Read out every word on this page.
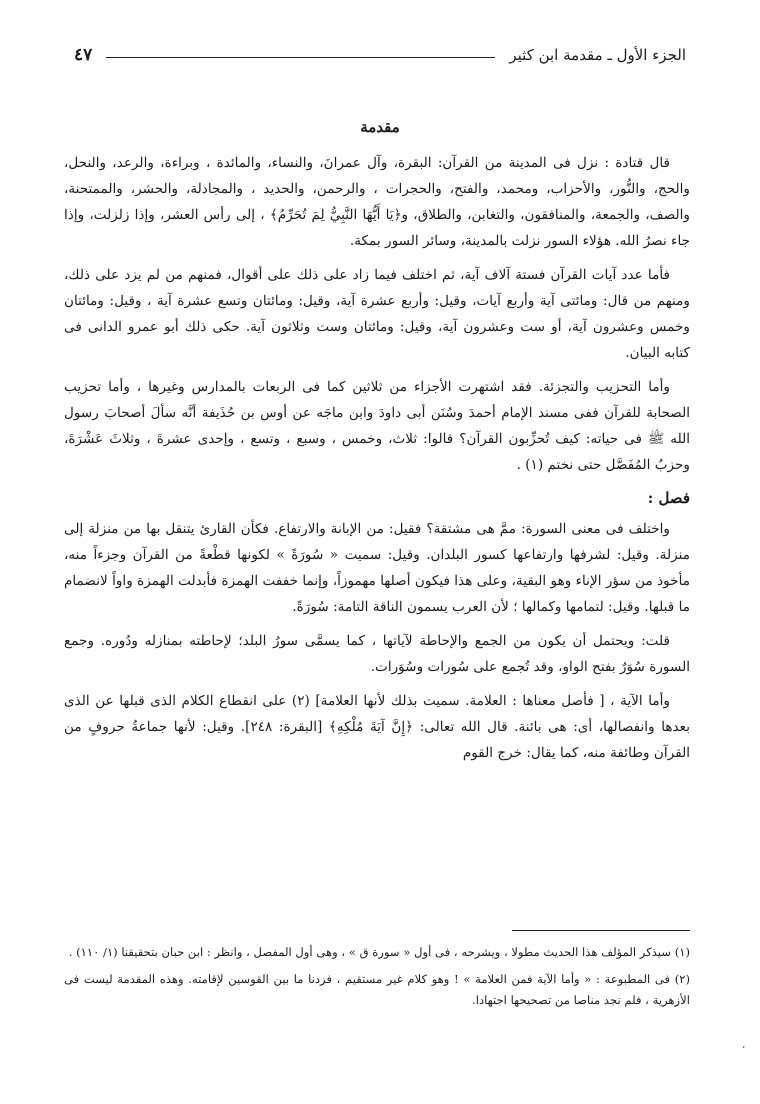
الجزء الأول ـ مقدمة ابن كثير
٤٧
مقدمة

قال قتادة : نزل فى المدينة من القرآن: البقرة، وآل عمرانَ، والنساء، والمائدة ، وبراءة، والرعد، والنحل، والحج، والنُّور، والأحزاب، ومحمد، والفتح، والحجرات ، والرحمن، والحديد ، والمجادلة، والحشر، والممتحنة، والصف، والجمعة، والمنافقون، والتغابن، والطلاق، و﴿يَا أَيُّهَا النَّبِيُّ لِمَ تُحَرِّمُ﴾ ، إلى رأس العشر، وإذا زلزلت، وإذا جاء نصرُ الله. هؤلاء السور نزلت بالمدينة، وسائر السور بمكة.

فأما عدد آيات القرآن فستة آلاف آية، ثم اختلف فيما زاد على ذلك على أقوال، فمنهم من لم يزد على ذلك، ومنهم من قال: ومائتى آية وأربع آيات، وقيل: وأربع عشرة آية، وقيل: ومائتان وتسع عشرة آية ، وقيل: ومائتان وخمس وعشرون آية، أو ست وعشرون آية، وقيل: ومائتان وست وثلاثون آية. حكى ذلك أبو عمرو الدانى فى كتابه البيان.

وأما التحزيب والتجزئة. فقد اشتهرت الأجزاء من ثلاثين كما فى الربعات بالمدارس وغيرها ، وأما تحزيب الصحابة للقرآن ففى مسند الإمام أحمدَ وسُنَن أبى داودَ وابن ماجَه عن أوس بن حُذَيفة أنَّه سألَ أصحابَ رسول الله ﷺ فى حياته: كيف تُحزِّبون القرآن؟ قالوا: ثلاث، وخمس ، وسبع ، وتسع ، وإحدى عشرةَ ، وثلاثَ عَشْرَةَ، وحزبُ المُفَصَّل حتى نختم (١) .

فصل :

واختلف فى معنى السورة: ممَّ هى مشتقة؟ فقيل: من الإبانة والارتفاع. فكأن القارئ يتنقل بها من منزلة إلى منزلة. وقيل: لشرفها وارتفاعها كسور البلدان. وقيل: سميت « سُورَةً » لكونها قطْعةً من القرآن وجزءاً منه، مأخوذ من سؤر الإناء وهو البقية، وعلى هذا فيكون أصلها مهموزاً، وإنما خففت الهمزة فأبدلت الهمزة واواً لانضمام ما قبلها. وقيل: لتمامها وكمالها ؛ لأن العرب يسمون الناقة التامة: سُورَةً.

قلت: ويحتمل أن يكون من الجمع والإحاطة لآياتها ، كما يسمَّى سورُ البلد؛ لإحاطته بمنازله ودُوره. وجمع السورة سُوَرٌ بفتح الواو، وقد تُجمع على سُورات وسُوَرات.

وأما الآية ، [ فأصل معناها : العلامة. سميت بذلك لأنها العلامة] (٢) على انقطاع الكلام الذى قبلها عن الذى بعدها وانفصالها، أى: هى بائنة. قال الله تعالى: ﴿إِنَّ آيَةَ مُلْكِهِ﴾ [البقرة: ٢٤٨]. وقيل: لأنها جماعةُ حروفٍ من القرآن وطائفة منه، كما يقال: خرج القوم

(١) سيذكر المؤلف هذا الحديث مطولا ، ويشرحه ، فى أول « سورة ق » ، وهى أول المفصل ، وانظر : ابن حبان بتحقيقنا (١/ ١١٠) .

(٢) فى المطبوعة : « وأما الآية فمن العلامة » ! وهو كلام غير مستقيم ، فزدنا ما بين القوسين لإقامته. وهذه المقدمة ليست فى الأزهرية ، فلم نجد مناصا من تصحيحها اجتهادا.

،
